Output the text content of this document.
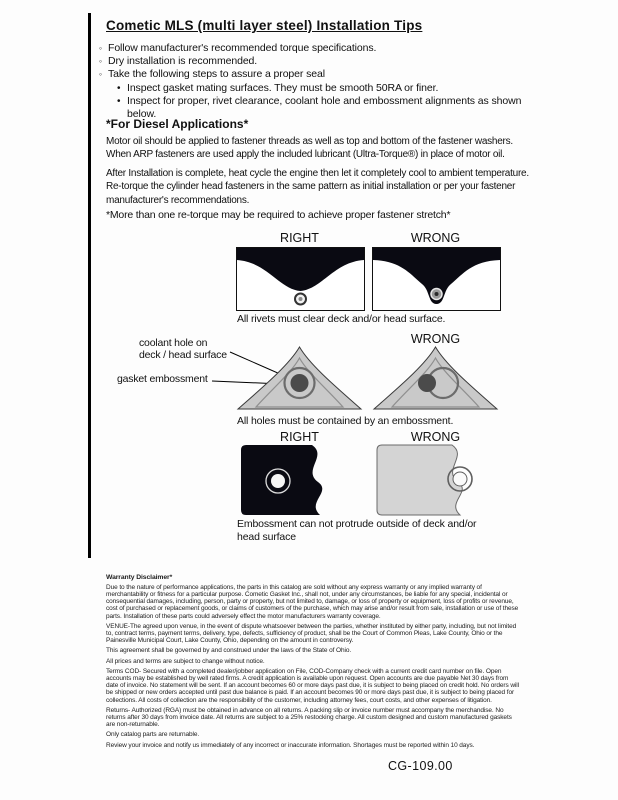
Cometic MLS (multi layer steel) Installation Tips
◦ Follow manufacturer's recommended torque specifications.
◦ Dry installation is recommended.
◦ Take the following steps to assure a proper seal
• Inspect gasket mating surfaces. They must be smooth 50RA or finer.
• Inspect for proper, rivet clearance, coolant hole and embossment alignments as shown below.
*For Diesel Applications*

Motor oil should be applied to fastener threads as well as top and bottom of the fastener washers. When ARP fasteners are used apply the included lubricant (Ultra-Torque®) in place of motor oil.

After Installation is complete, heat cycle the engine then let it completely cool to ambient temperature. Re-torque the cylinder head fasteners in the same pattern as initial installation or per your fastener manufacturer's recommendations.

*More than one re-torque may be required to achieve proper fastener stretch*
RIGHT	WRONG
All rivets must clear deck and/or head surface.
WRONG
coolant hole on
deck / head surface
gasket embossment
All holes must be contained by an embossment.
RIGHT	WRONG
Embossment can not protrude outside of deck and/or head surface
Warranty Disclaimer*

Due to the nature of performance applications, the parts in this catalog are sold without any express warranty or any implied warranty of merchantability or fitness for a particular purpose. Cometic Gasket Inc., shall not, under any circumstances, be liable for any special, incidental or consequential damages, including, person, party or property, but not limited to, damage, or loss of property or equipment, loss of profits or revenue, cost of purchased or replacement goods, or claims of customers of the purchase, which may arise and/or result from sale, installation or use of these parts. Installation of these parts could adversely effect the motor manufacturers warranty coverage.

VENUE-The agreed upon venue, in the event of dispute whatsoever between the parties, whether instituted by either party, including, but not limited to, contract terms, payment terms, delivery, type, defects, sufficiency of product, shall be the Court of Common Pleas, Lake County, Ohio or the Painesville Municipal Court, Lake County, Ohio, depending on the amount in controversy.

This agreement shall be governed by and construed under the laws of the State of Ohio.

All prices and terms are subject to change without notice.

Terms COD- Secured with a completed dealer/jobber application on File, COD-Company check with a current credit card number on file. Open accounts may be established by well rated firms. A credit application is available upon request. Open accounts are due payable Net 30 days from date of invoice. No statement will be sent. If an account becomes 60 or more days past due, it is subject to being placed on credit hold. No orders will be shipped or new orders accepted until past due balance is paid. If an account becomes 90 or more days past due, it is subject to being placed for collections. All costs of collection are the responsibility of the customer, including attorney fees, court costs, and other expenses of litigation.

Returns- Authorized (RGA) must be obtained in advance on all returns. A packing slip or invoice number must accompany the merchandise. No returns after 30 days from invoice date. All returns are subject to a 25% restocking charge. All custom designed and custom manufactured gaskets are non-returnable.

Only catalog parts are returnable.

Review your invoice and notify us immediately of any incorrect or inaccurate information. Shortages must be reported within 10 days.

CG-109.00
